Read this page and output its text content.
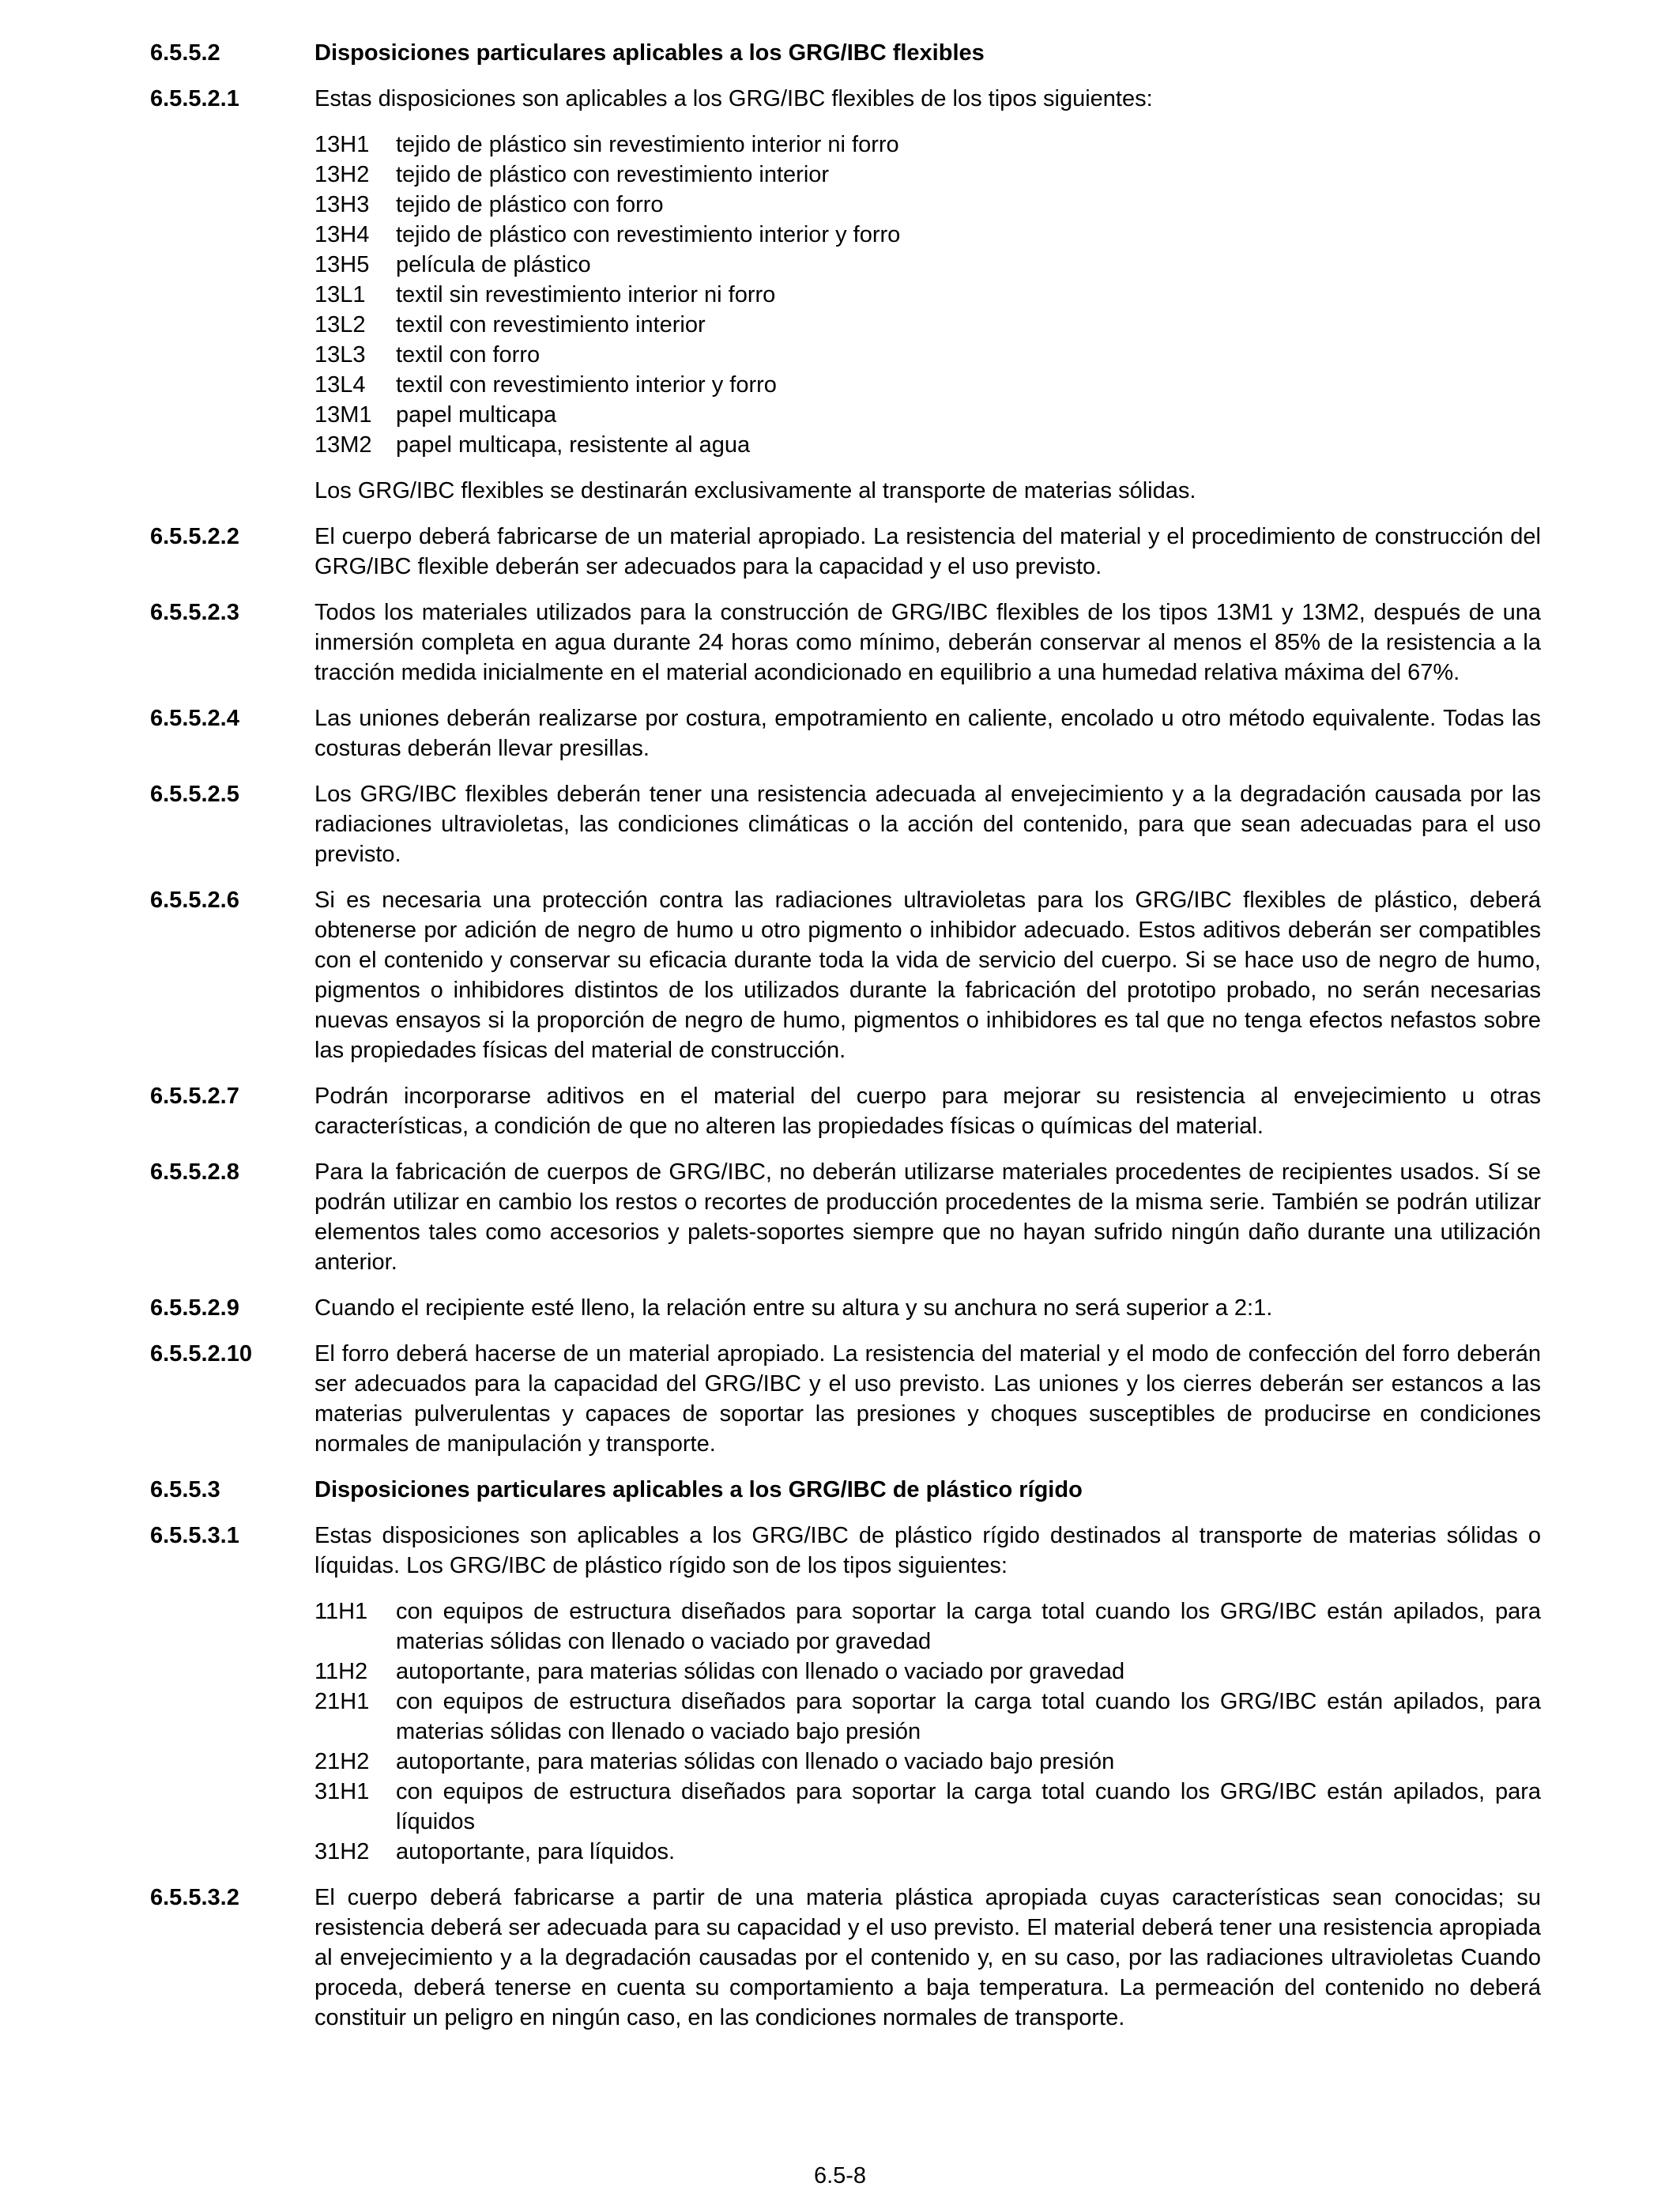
6.5.5.2	Disposiciones particulares aplicables a los GRG/IBC flexibles
6.5.5.2.1	Estas disposiciones son aplicables a los GRG/IBC flexibles de los tipos siguientes:
13H1	tejido de plástico sin revestimiento interior ni forro
13H2	tejido de plástico con revestimiento interior
13H3	tejido de plástico con forro
13H4	tejido de plástico con revestimiento interior y forro
13H5	película de plástico
13L1	textil sin revestimiento interior ni forro
13L2	textil con revestimiento interior
13L3	textil con forro
13L4	textil con revestimiento interior y forro
13M1	papel multicapa
13M2	papel multicapa, resistente al agua
Los GRG/IBC flexibles se destinarán exclusivamente al transporte de materias sólidas.
6.5.5.2.2	El cuerpo deberá fabricarse de un material apropiado. La resistencia del material y el procedimiento de construcción del GRG/IBC flexible deberán ser adecuados para la capacidad y el uso previsto.
6.5.5.2.3	Todos los materiales utilizados para la construcción de GRG/IBC flexibles de los tipos 13M1 y 13M2, después de una inmersión completa en agua durante 24 horas como mínimo, deberán conservar al menos el 85% de la resistencia a la tracción medida inicialmente en el material acondicionado en equilibrio a una humedad relativa máxima del 67%.
6.5.5.2.4	Las uniones deberán realizarse por costura, empotramiento en caliente, encolado u otro método equivalente. Todas las costuras deberán llevar presillas.
6.5.5.2.5	Los GRG/IBC flexibles deberán tener una resistencia adecuada al envejecimiento y a la degradación causada por las radiaciones ultravioletas, las condiciones climáticas o la acción del contenido, para que sean adecuadas para el uso previsto.
6.5.5.2.6	Si es necesaria una protección contra las radiaciones ultravioletas para los GRG/IBC flexibles de plástico, deberá obtenerse por adición de negro de humo u otro pigmento o inhibidor adecuado. Estos aditivos deberán ser compatibles con el contenido y conservar su eficacia durante toda la vida de servicio del cuerpo. Si se hace uso de negro de humo, pigmentos o inhibidores distintos de los utilizados durante la fabricación del prototipo probado, no serán necesarias nuevas ensayos si la proporción de negro de humo, pigmentos o inhibidores es tal que no tenga efectos nefastos sobre las propiedades físicas del material de construcción.
6.5.5.2.7	Podrán incorporarse aditivos en el material del cuerpo para mejorar su resistencia al envejecimiento u otras características, a condición de que no alteren las propiedades físicas o químicas del material.
6.5.5.2.8	Para la fabricación de cuerpos de GRG/IBC, no deberán utilizarse materiales procedentes de recipientes usados. Sí se podrán utilizar en cambio los restos o recortes de producción procedentes de la misma serie. También se podrán utilizar elementos tales como accesorios y palets-soportes siempre que no hayan sufrido ningún daño durante una utilización anterior.
6.5.5.2.9	Cuando el recipiente esté lleno, la relación entre su altura y su anchura no será superior a 2:1.
6.5.5.2.10	El forro deberá hacerse de un material apropiado. La resistencia del material y el modo de confección del forro deberán ser adecuados para la capacidad del GRG/IBC y el uso previsto. Las uniones y los cierres deberán ser estancos a las materias pulverulentas y capaces de soportar las presiones y choques susceptibles de producirse en condiciones normales de manipulación y transporte.
6.5.5.3	Disposiciones particulares aplicables a los GRG/IBC de plástico rígido
6.5.5.3.1	Estas disposiciones son aplicables a los GRG/IBC de plástico rígido destinados al transporte de materias sólidas o líquidas. Los GRG/IBC de plástico rígido son de los tipos siguientes:
11H1	con equipos de estructura diseñados para soportar la carga total cuando los GRG/IBC están apilados, para materias sólidas con llenado o vaciado por gravedad
11H2	autoportante, para materias sólidas con llenado o vaciado por gravedad
21H1	con equipos de estructura diseñados para soportar la carga total cuando los GRG/IBC están apilados, para materias sólidas con llenado o vaciado bajo presión
21H2	autoportante, para materias sólidas con llenado o vaciado bajo presión
31H1	con equipos de estructura diseñados para soportar la carga total cuando los GRG/IBC están apilados, para líquidos
31H2	autoportante, para líquidos.
6.5.5.3.2	El cuerpo deberá fabricarse a partir de una materia plástica apropiada cuyas características sean conocidas; su resistencia deberá ser adecuada para su capacidad y el uso previsto. El material deberá tener una resistencia apropiada al envejecimiento y a la degradación causadas por el contenido y, en su caso, por las radiaciones ultravioletas Cuando proceda, deberá tenerse en cuenta su comportamiento a baja temperatura. La permeación del contenido no deberá constituir un peligro en ningún caso, en las condiciones normales de transporte.
6.5-8
